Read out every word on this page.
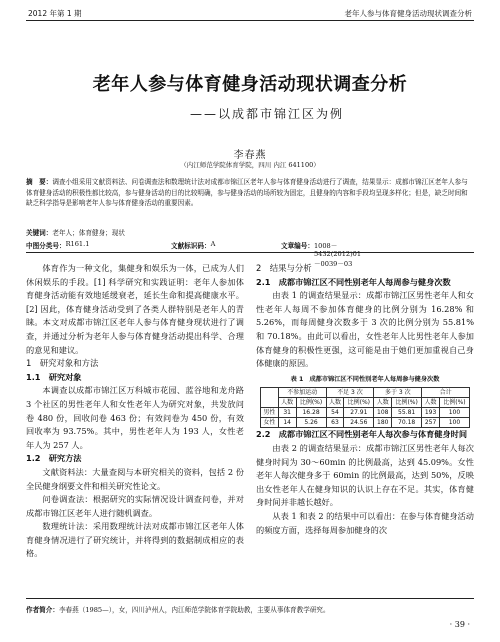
2012 年第 1 期	老年人参与体育健身活动现状调查分析
老年人参与体育健身活动现状调查分析
——以成都市锦江区为例
李春燕
（内江师范学院体育学院，四川 内江 641100）
摘　要：调查小组采用文献资料法、问卷调查法和数理统计法对成都市锦江区老年人参与体育健身活动进行了调查，结果显示：成都市锦江区老年人参与体育健身活动的积极性都比较高，参与健身活动的目的比较明确，参与健身活动的场所较为固定，且健身的内容和手段均呈现多样化；但是，缺乏时间和缺乏科学指导是影响老年人参与体育健身活动的重要因素。
关键词：老年人；体育健身；现状
中图分类号： R161.1	文献标识码： A	文章编号： 1008－5432(2012)01－0039－03

体育作为一种文化，集健身和娱乐为一体，已成为人们休闲娱乐的手段。[1] 科学研究和实践证明：老年人参加体育健身活动能有效地延缓衰老，延长生命和提高健康水平。[2] 因此，体育健身活动受到了各类人群特别是老年人的青睐。本文对成都市锦江区老年人参与体育健身现状进行了调查，并通过分析为老年人参与体育健身活动提出科学、合理的意见和建议。

1　研究对象和方法
1.1　研究对象

本调查以成都市锦江区万科城市花园、蓝谷地和龙舟路 3 个社区的男性老年人和女性老年人为研究对象，共发放问卷 480 份，回收问卷 463 份；有效问卷为 450 份，有效回收率为 93.75%。其中，男性老年人为 193 人，女性老年人为 257 人。

1.2　研究方法

文献资料法：大量查阅与本研究相关的资料，包括 2 份全民健身纲要文件和相关研究性论文。

问卷调查法：根据研究的实际情况设计调查问卷，并对成都市锦江区老年人进行随机调查。

数理统计法：采用数理统计法对成都市锦江区老年人体育健身情况进行了研究统计，并将得到的数据制成相应的表格。

2　结果与分析
2.1　成都市锦江区不同性别老年人每周参与健身次数

由表 1 的调查结果显示：成都市锦江区男性老年人和女性老年人每周不参加体育健身的比例分别为 16.28% 和 5.26%，而每周健身次数多于 3 次的比例分别为 55.81% 和 70.18%。由此可以看出，女性老年人比男性老年人参加体育健身的积极性更强，这可能是由于她们更加重视自己身体健康的原因。

表 1　成都市锦江区不同性别老年人每周参与健身次数
	不参加运动		不足 3 次		多于 3 次		合计	
	人数	比例(%)	人数	比例(%)	人数	比例(%)	人数	比例(%)
男性	31	16.28	54	27.91	108	55.81	193	100
女性	14	5.26	63	24.56	180	70.18	257	100
2.2　成都市锦江区不同性别老年人每次参与体育健身时间

由表 2 的调查结果显示：成都市锦江区男性老年人每次健身时间为 30～60min 的比例最高，达到 45.09%。女性老年人每次健身多于 60min 的比例最高，达到 50%，反映出女性老年人在健身知识的认识上存在不足。其实，体育健身时间并非越长越好。

从表 1 和表 2 的结果中可以看出：在参与体育健身活动的频度方面，选择每周参加健身的次

作者简介：李春燕（1985—），女，四川泸州人，内江师范学院体育学院助教，主要从事体育教学研究。
· 39 ·
